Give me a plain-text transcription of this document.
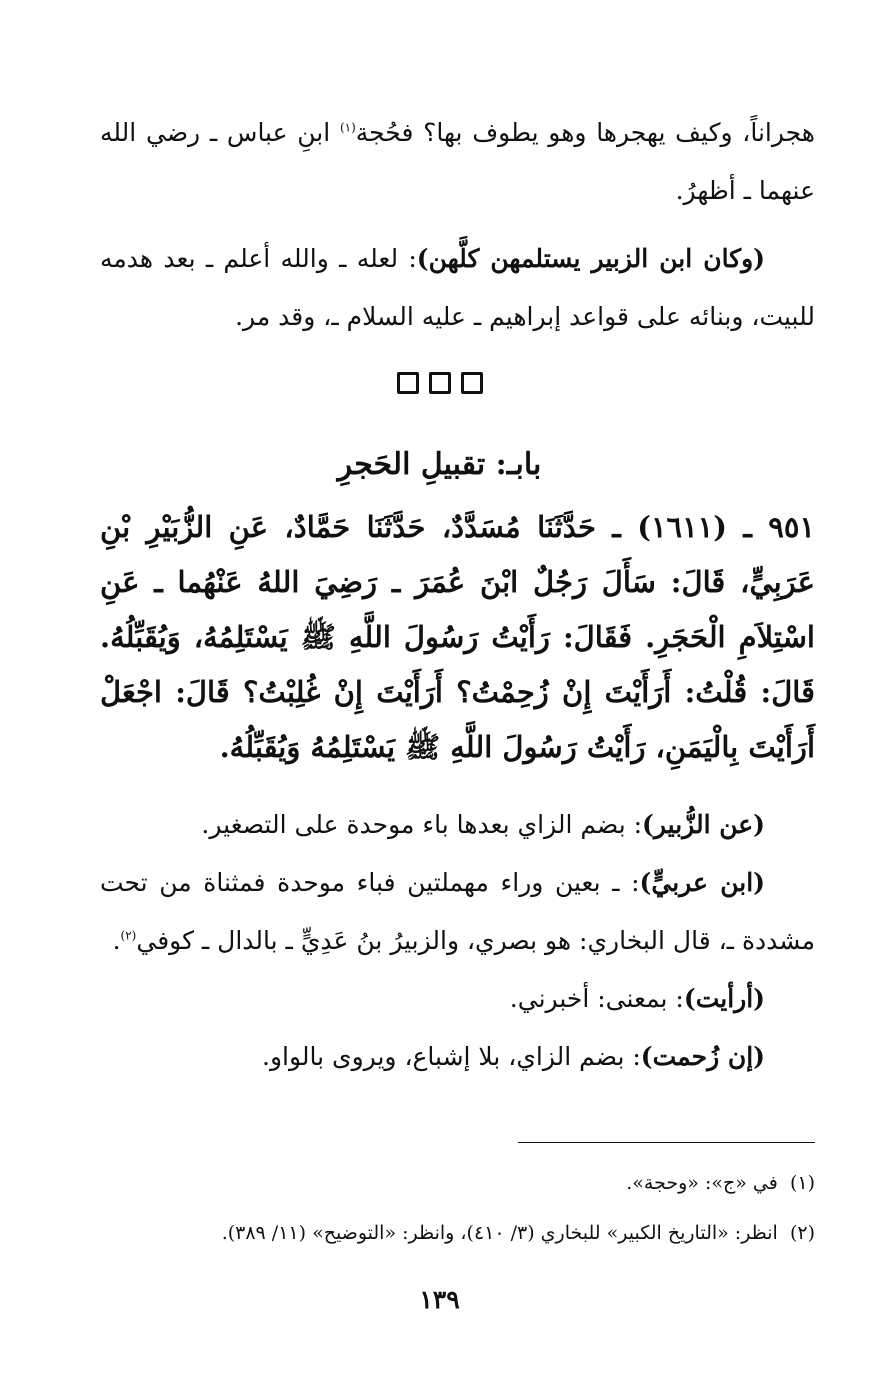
هجراناً، وكيف يهجرها وهو يطوف بها؟ فحُجة$^{(١)}$ ابنِ عباس ـ رضي الله عنهما ـ أظهرُ.

(وكان ابن الزبير يستلمهن كلَّهن): لعله ـ والله أعلم ـ بعد هدمه للبيت، وبنائه على قواعد إبراهيم ـ عليه السلام ـ، وقد مر.

بابـ: تقبيلِ الحَجرِ

٩٥١ ـ (١٦١١) ـ حَدَّثَنَا مُسَدَّدٌ، حَدَّثَنَا حَمَّادٌ، عَنِ الزُّبَيْرِ بْنِ عَرَبِيٍّ، قَالَ: سَأَلَ رَجُلٌ ابْنَ عُمَرَ ـ رَضِيَ اللهُ عَنْهُما ـ عَنِ اسْتِلاَمِ الْحَجَرِ. فَقَالَ: رَأَيْتُ رَسُولَ اللَّهِ ﷺ يَسْتَلِمُهُ، وَيُقَبِّلُهُ. قَالَ: قُلْتُ: أَرَأَيْتَ إِنْ زُحِمْتُ؟ أَرَأَيْتَ إِنْ غُلِبْتُ؟ قَالَ: اجْعَلْ أَرَأَيْتَ بِالْيَمَنِ، رَأَيْتُ رَسُولَ اللَّهِ ﷺ يَسْتَلِمُهُ وَيُقَبِّلُهُ.

(عن الزُّبير): بضم الزاي بعدها باء موحدة على التصغير.

(ابن عربيٍّ): ـ بعين وراء مهملتين فباء موحدة فمثناة من تحت مشددة ـ، قال البخاري: هو بصري، والزبيرُ بنُ عَدِيٍّ ـ بالدال ـ كوفي$^{(٢)}$.

(أرأيت): بمعنى: أخبرني.

(إن زُحمت): بضم الزاي، بلا إشباع، ويروى بالواو.

(١)  في «ج»: «وحجة».

(٢)  انظر: «التاريخ الكبير» للبخاري (٣/ ٤١٠)، وانظر: «التوضيح» (١١/ ٣٨٩).

١٣٩
